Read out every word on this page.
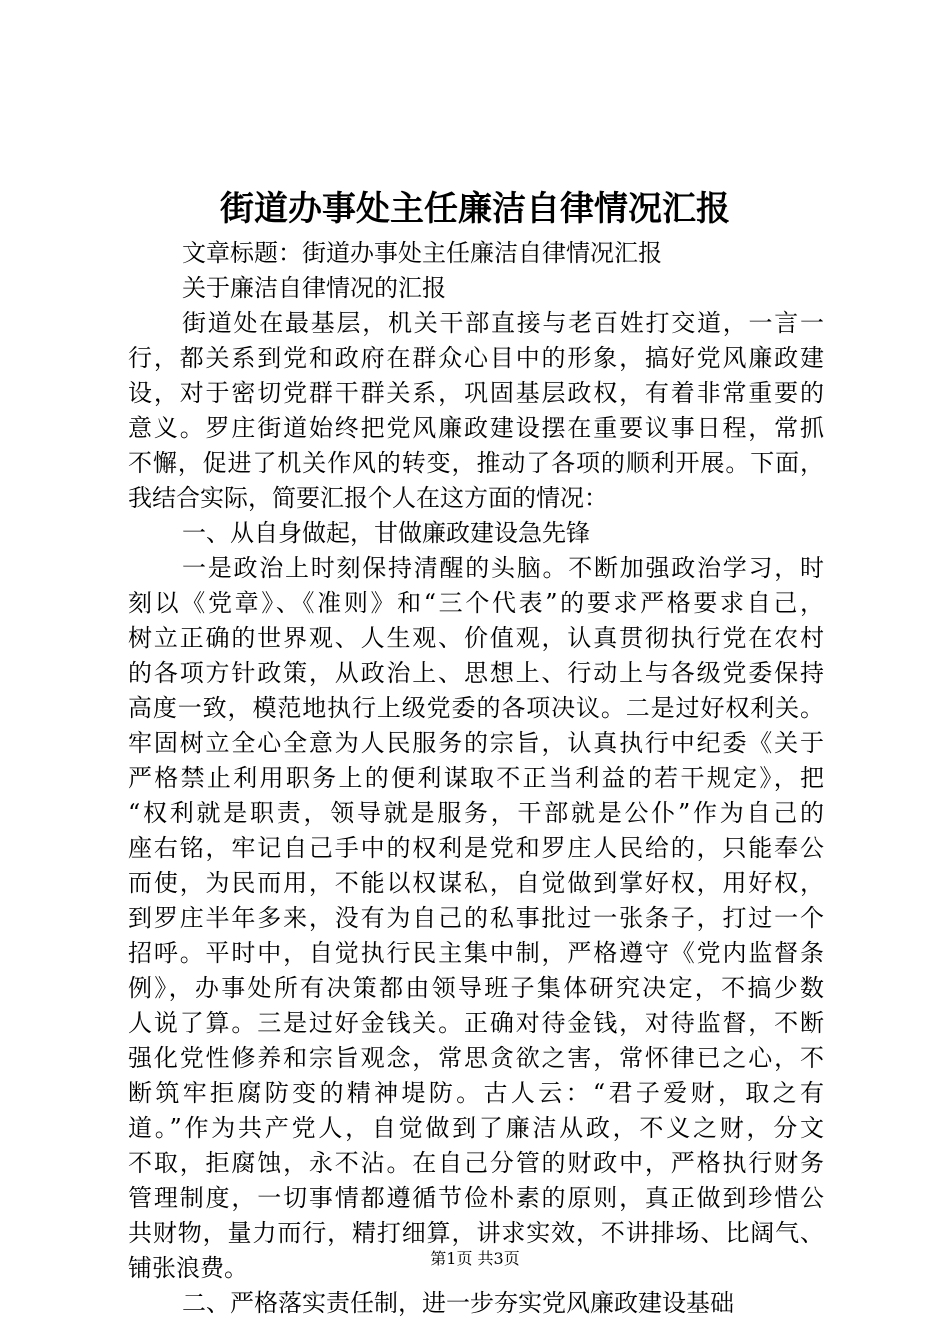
街道办事处主任廉洁自律情况汇报
文章标题：街道办事处主任廉洁自律情况汇报
关于廉洁自律情况的汇报
街道处在最基层，机关干部直接与老百姓打交道，一言一
行，都关系到党和政府在群众心目中的形象，搞好党风廉政建
设，对于密切党群干群关系，巩固基层政权，有着非常重要的
意义。罗庄街道始终把党风廉政建设摆在重要议事日程，常抓
不懈，促进了机关作风的转变，推动了各项的顺利开展。下面，
我结合实际，简要汇报个人在这方面的情况：
一、从自身做起，甘做廉政建设急先锋
一是政治上时刻保持清醒的头脑。不断加强政治学习，时
刻以《党章》、《准则》和“三个代表”的要求严格要求自己，
树立正确的世界观、人生观、价值观，认真贯彻执行党在农村
的各项方针政策，从政治上、思想上、行动上与各级党委保持
高度一致，模范地执行上级党委的各项决议。二是过好权利关。
牢固树立全心全意为人民服务的宗旨，认真执行中纪委《关于
严格禁止利用职务上的便利谋取不正当利益的若干规定》，把
“权利就是职责，领导就是服务，干部就是公仆”作为自己的
座右铭，牢记自己手中的权利是党和罗庄人民给的，只能奉公
而使，为民而用，不能以权谋私，自觉做到掌好权，用好权，
到罗庄半年多来，没有为自己的私事批过一张条子，打过一个
招呼。平时中，自觉执行民主集中制，严格遵守《党内监督条
例》，办事处所有决策都由领导班子集体研究决定，不搞少数
人说了算。三是过好金钱关。正确对待金钱，对待监督，不断
强化党性修养和宗旨观念，常思贪欲之害，常怀律已之心，不
断筑牢拒腐防变的精神堤防。古人云：“君子爱财，取之有
道。”作为共产党人，自觉做到了廉洁从政，不义之财，分文
不取，拒腐蚀，永不沾。在自己分管的财政中，严格执行财务
管理制度，一切事情都遵循节俭朴素的原则，真正做到珍惜公
共财物，量力而行，精打细算，讲求实效，不讲排场、比阔气、
铺张浪费。
二、严格落实责任制，进一步夯实党风廉政建设基础
第1页 共3页
